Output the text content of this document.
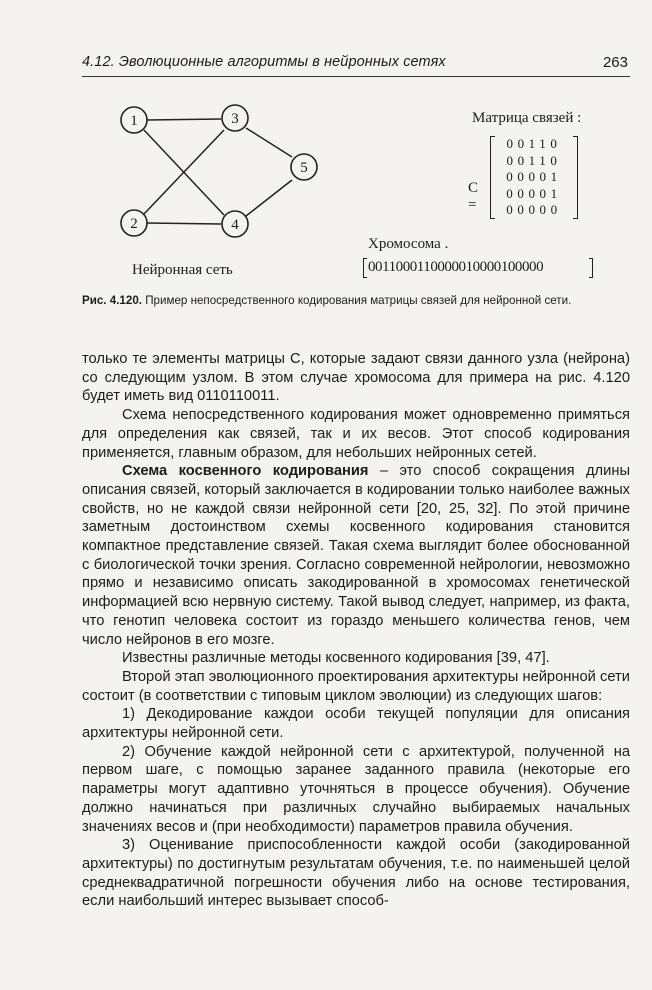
4.12. Эволюционные алгоритмы в нейронных сетях	263
1
2
3
4
5
Нейронная сеть
Матрица связей :
C =
00110
00110
00001
00001
00000
Хромосома .
0011000110000010000100000
Рис. 4.120. Пример непосредственного кодирования матрицы связей для нейронной сети.

только те элементы матрицы C, которые задают связи данного узла (нейрона) со следующим узлом. В этом случае хромосома для примера на рис. 4.120 будет иметь вид 0110110011.

Схема непосредственного кодирования может одновременно примяться для определения как связей, так и их весов. Этот способ кодирования применяется, главным образом, для небольших нейронных сетей.

Схема косвенного кодирования – это способ сокращения длины описания связей, который заключается в кодировании только наиболее важных свойств, но не каждой связи нейронной сети [20, 25, 32]. По этой причине заметным достоинством схемы косвенного кодирования становится компактное представление связей. Такая схема выглядит более обоснованной с биологической точки зрения. Согласно современной нейрологии, невозможно прямо и независимо описать закодированной в хромосомах генетической информацией всю нервную систему. Такой вывод следует, например, из факта, что генотип человека состоит из гораздо меньшего количества генов, чем число нейронов в его мозге.

Известны различные методы косвенного кодирования [39, 47].

Второй этап эволюционного проектирования архитектуры нейронной сети состоит (в соответствии с типовым циклом эволюции) из следующих шагов:

1) Декодирование каждои особи текущей популяции для описания архитектуры нейронной сети.

2) Обучение каждой нейронной сети с архитектурой, полученной на первом шаге, с помощью заранее заданного правила (некоторые его параметры могут адаптивно уточняться в процессе обучения). Обучение должно начинаться при различных случайно выбираемых начальных значениях весов и (при необходимости) параметров правила обучения.

3) Оценивание приспособленности каждой особи (закодированной архитектуры) по достигнутым результатам обучения, т.е. по наименьшей целой среднеквадратичной погрешности обучения либо на основе тестирования, если наибольший интерес вызывает способ-
